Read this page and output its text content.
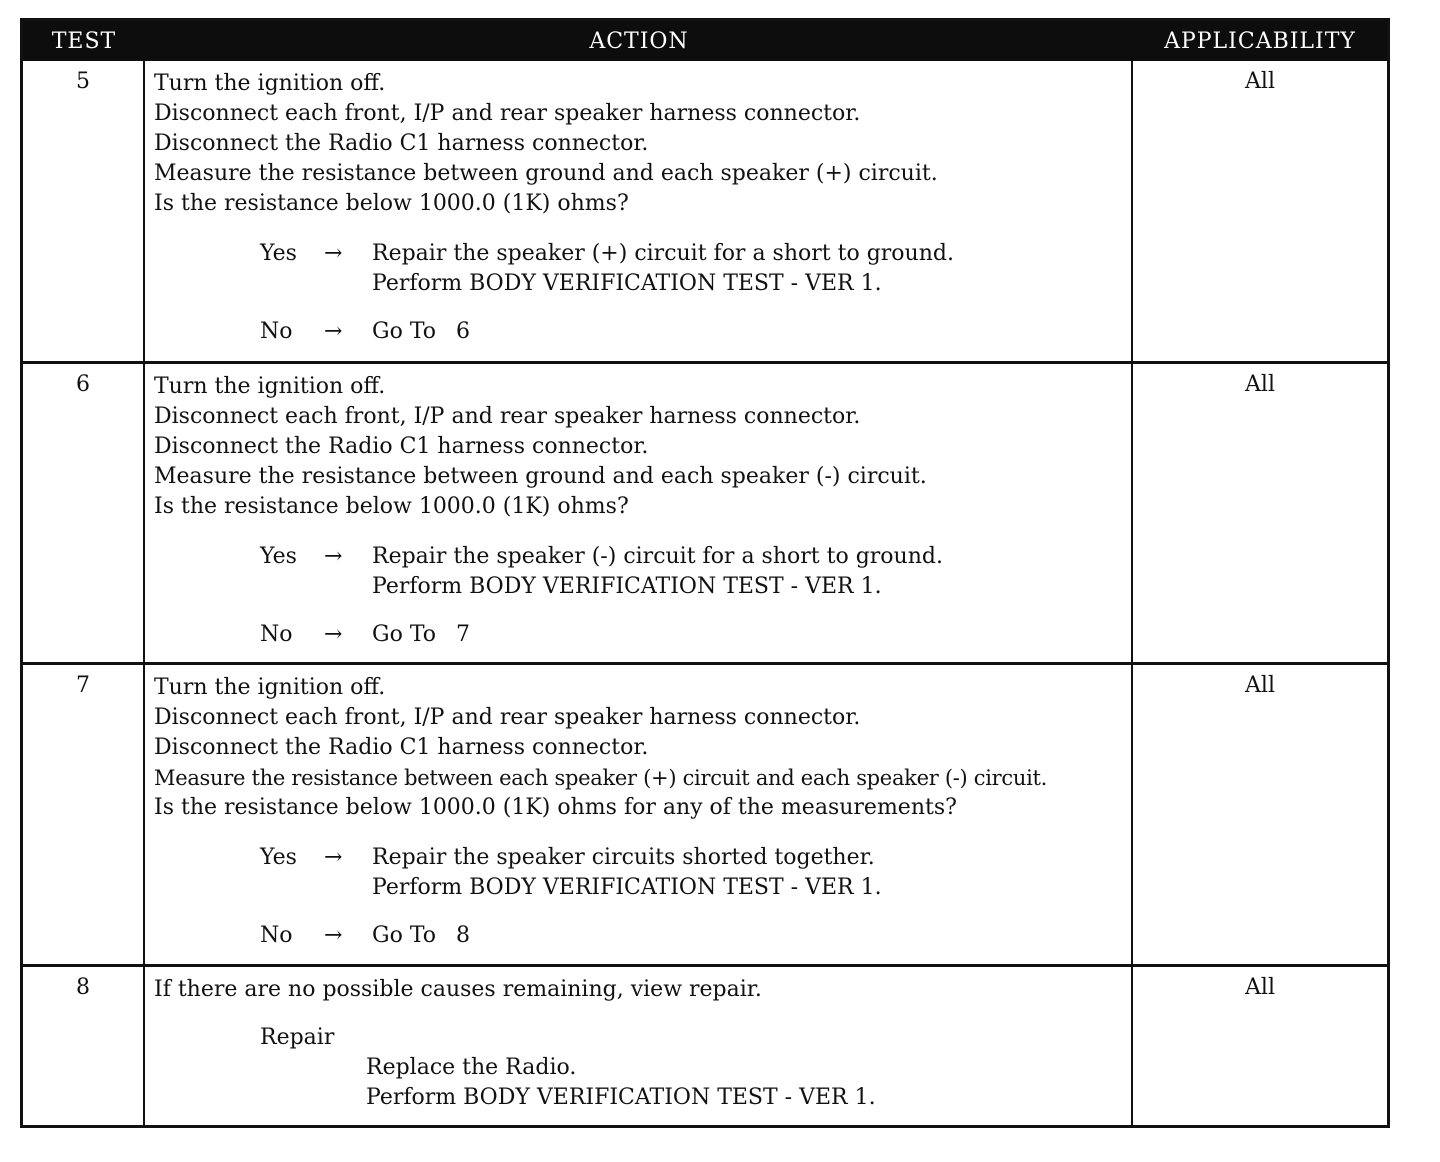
TEST	ACTION	APPLICABILITY
5	Turn the ignition off.
Disconnect each front, I/P and rear speaker harness connector.
Disconnect the Radio C1 harness connector.
Measure the resistance between ground and each speaker (+) circuit.
Is the resistance below 1000.0 (1K) ohms?
Yes	→	Repair the speaker (+) circuit for a short to ground.
Perform BODY VERIFICATION TEST - VER 1.
No	→	Go To 6
All
6	Turn the ignition off.
Disconnect each front, I/P and rear speaker harness connector.
Disconnect the Radio C1 harness connector.
Measure the resistance between ground and each speaker (-) circuit.
Is the resistance below 1000.0 (1K) ohms?
Yes	→	Repair the speaker (-) circuit for a short to ground.
Perform BODY VERIFICATION TEST - VER 1.
No	→	Go To 7
All
7	Turn the ignition off.
Disconnect each front, I/P and rear speaker harness connector.
Disconnect the Radio C1 harness connector.
Measure the resistance between each speaker (+) circuit and each speaker (-) circuit.
Is the resistance below 1000.0 (1K) ohms for any of the measurements?
Yes	→	Repair the speaker circuits shorted together.
Perform BODY VERIFICATION TEST - VER 1.
No	→	Go To 8
All
8	If there are no possible causes remaining, view repair.
Repair
Replace the Radio.
Perform BODY VERIFICATION TEST - VER 1.
All
